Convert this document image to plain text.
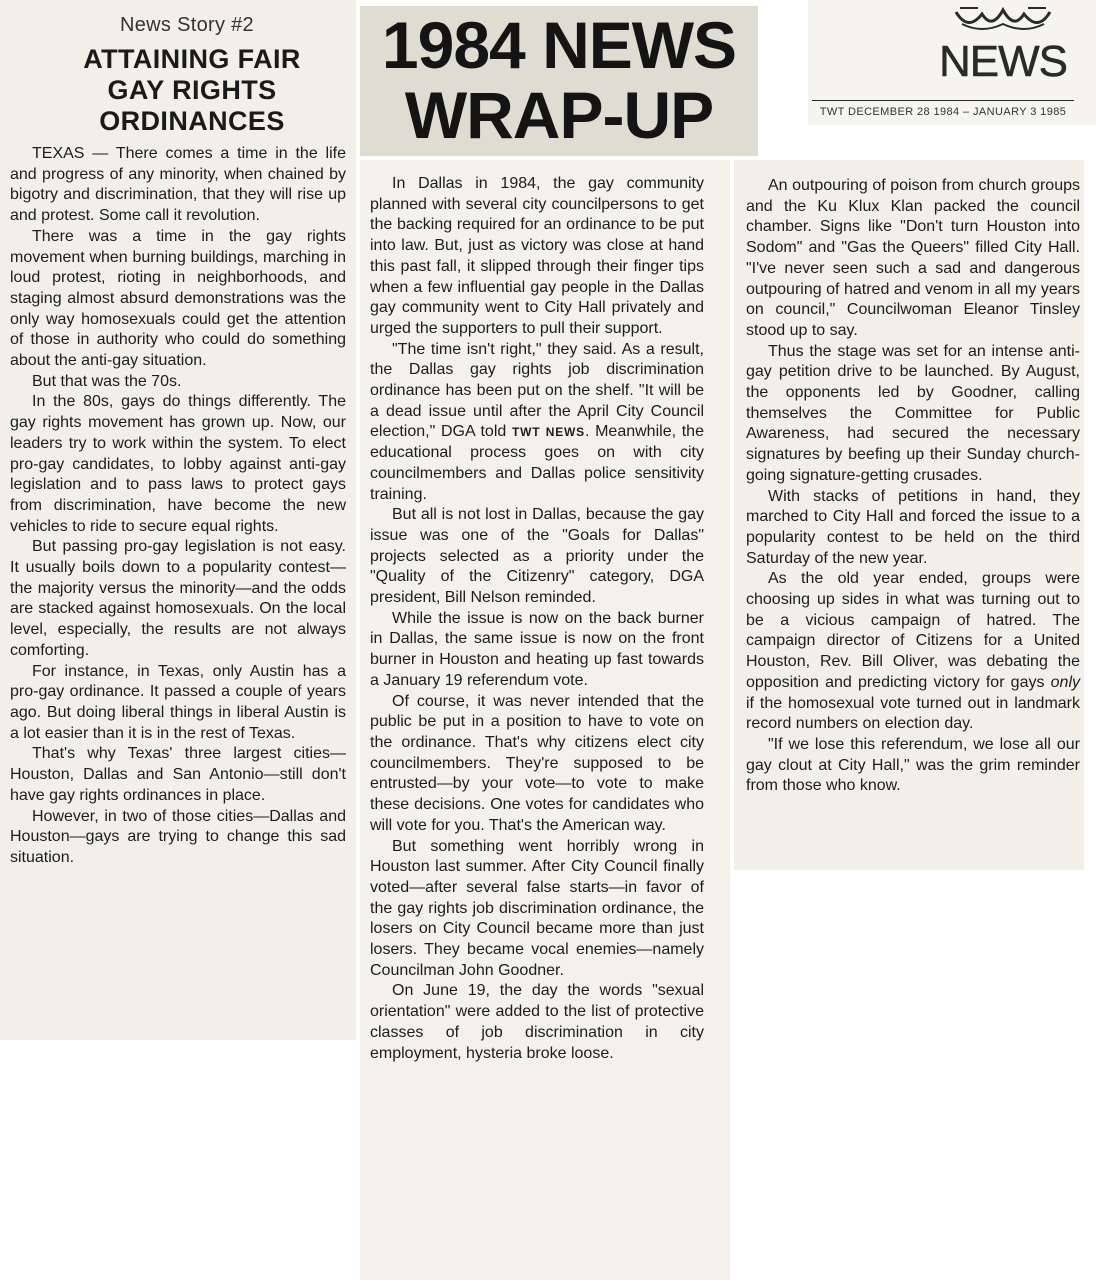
News Story #2
ATTAINING FAIR
GAY RIGHTS
ORDINANCES
1984 NEWS
WRAP-UP
NEWS
TWT DECEMBER 28 1984 – JANUARY 3 1985

TEXAS — There comes a time in the life and progress of any minority, when chained by bigotry and discrimination, that they will rise up and protest. Some call it revolution.

There was a time in the gay rights movement when burning buildings, marching in loud protest, rioting in neighborhoods, and staging almost absurd demonstrations was the only way homosexuals could get the attention of those in authority who could do something about the anti-gay situation.

But that was the 70s.

In the 80s, gays do things differently. The gay rights movement has grown up. Now, our leaders try to work within the system. To elect pro-gay candidates, to lobby against anti-gay legislation and to pass laws to protect gays from discrimination, have become the new vehicles to ride to secure equal rights.

But passing pro-gay legislation is not easy. It usually boils down to a popularity contest—the majority versus the minority—and the odds are stacked against homosexuals. On the local level, especially, the results are not always comforting.

For instance, in Texas, only Austin has a pro-gay ordinance. It passed a couple of years ago. But doing liberal things in liberal Austin is a lot easier than it is in the rest of Texas.

That's why Texas' three largest cities—Houston, Dallas and San Antonio—still don't have gay rights ordinances in place.

However, in two of those cities—Dallas and Houston—gays are trying to change this sad situation.

In Dallas in 1984, the gay community planned with several city councilpersons to get the backing required for an ordinance to be put into law. But, just as victory was close at hand this past fall, it slipped through their finger tips when a few influential gay people in the Dallas gay community went to City Hall privately and urged the supporters to pull their support.

"The time isn't right," they said. As a result, the Dallas gay rights job discrimination ordinance has been put on the shelf. "It will be a dead issue until after the April City Council election," DGA told TWT NEWS. Meanwhile, the educational process goes on with city councilmembers and Dallas police sensitivity training.

But all is not lost in Dallas, because the gay issue was one of the "Goals for Dallas" projects selected as a priority under the "Quality of the Citizenry" category, DGA president, Bill Nelson reminded.

While the issue is now on the back burner in Dallas, the same issue is now on the front burner in Houston and heating up fast towards a January 19 referendum vote.

Of course, it was never intended that the public be put in a position to have to vote on the ordinance. That's why citizens elect city councilmembers. They're supposed to be entrusted—by your vote—to vote to make these decisions. One votes for candidates who will vote for you. That's the American way.

But something went horribly wrong in Houston last summer. After City Council finally voted—after several false starts—in favor of the gay rights job discrimination ordinance, the losers on City Council became more than just losers. They became vocal enemies—namely Councilman John Goodner.

On June 19, the day the words "sexual orientation" were added to the list of protective classes of job discrimination in city employment, hysteria broke loose.

An outpouring of poison from church groups and the Ku Klux Klan packed the council chamber. Signs like "Don't turn Houston into Sodom" and "Gas the Queers" filled City Hall. "I've never seen such a sad and dangerous outpouring of hatred and venom in all my years on council," Councilwoman Eleanor Tinsley stood up to say.

Thus the stage was set for an intense anti-gay petition drive to be launched. By August, the opponents led by Goodner, calling themselves the Committee for Public Awareness, had secured the necessary signatures by beefing up their Sunday church-going signature-getting crusades.

With stacks of petitions in hand, they marched to City Hall and forced the issue to a popularity contest to be held on the third Saturday of the new year.

As the old year ended, groups were choosing up sides in what was turning out to be a vicious campaign of hatred. The campaign director of Citizens for a United Houston, Rev. Bill Oliver, was debating the opposition and predicting victory for gays only if the homosexual vote turned out in landmark record numbers on election day.

"If we lose this referendum, we lose all our gay clout at City Hall," was the grim reminder from those who know.
